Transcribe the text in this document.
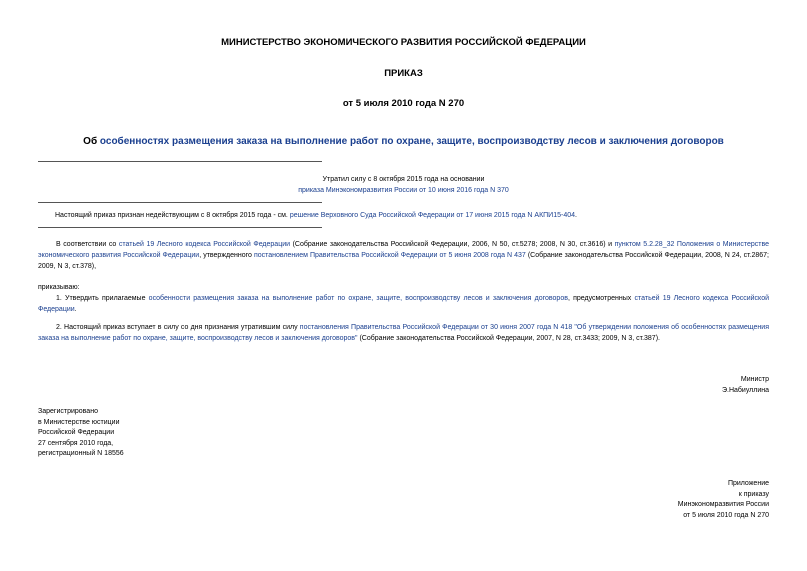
МИНИСТЕРСТВО ЭКОНОМИЧЕСКОГО РАЗВИТИЯ РОССИЙСКОЙ ФЕДЕРАЦИИ
ПРИКАЗ
от 5 июля 2010 года N 270
Об особенностях размещения заказа на выполнение работ по охране, защите, воспроизводству лесов и заключения договоров
Утратил силу с 8 октября 2015 года на основании
приказа Минэкономразвития России от 10 июня 2016 года N 370
Настоящий приказ признан недействующим с 8 октября 2015 года - см. решение Верховного Суда Российской Федерации от 17 июня 2015 года N АКПИ15-404.
В соответствии со статьей 19 Лесного кодекса Российской Федерации (Собрание законодательства Российской Федерации, 2006, N 50, ст.5278; 2008, N 30, ст.3616) и пунктом 5.2.28_32 Положения о Министерстве экономического развития Российской Федерации, утвержденного постановлением Правительства Российской Федерации от 5 июня 2008 года N 437 (Собрание законодательства Российской Федерации, 2008, N 24, ст.2867; 2009, N 3, ст.378),
приказываю:
1. Утвердить прилагаемые особенности размещения заказа на выполнение работ по охране, защите, воспроизводству лесов и заключения договоров, предусмотренных статьей 19 Лесного кодекса Российской Федерации.
2. Настоящий приказ вступает в силу со дня признания утратившим силу постановления Правительства Российской Федерации от 30 июня 2007 года N 418 "Об утверждении положения об особенностях размещения заказа на выполнение работ по охране, защите, воспроизводству лесов и заключения договоров" (Собрание законодательства Российской Федерации, 2007, N 28, ст.3433; 2009, N 3, ст.387).
Министр
Э.Набиуллина
Зарегистрировано
в Министерстве юстиции
Российской Федерации
27 сентября 2010 года,
регистрационный N 18556
Приложение
к приказу
Минэкономразвития России
от 5 июля 2010 года N 270
